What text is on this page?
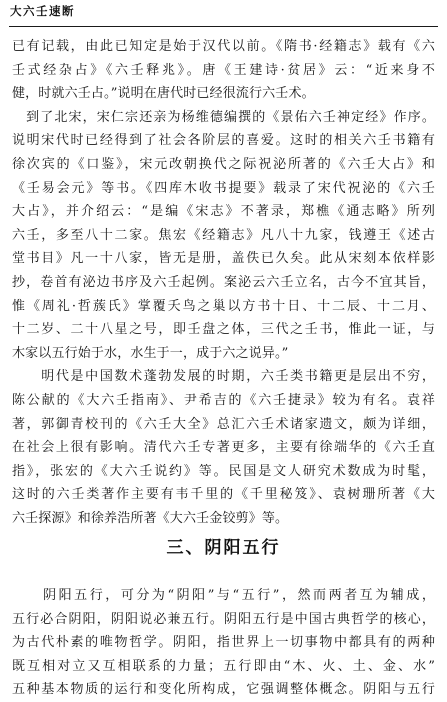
大六壬速断
已有记载，由此已知定是始于汉代以前。《隋书·经籍志》载有《六
壬式经杂占》《六壬释兆》。唐《王建诗·贫居》云：“近来身不
健，时就六壬占。”说明在唐代时已经很流行六壬术。
　到了北宋，宋仁宗还亲为杨维德编撰的《景佑六壬神定经》作序。
说明宋代时已经得到了社会各阶层的喜爱。这时的相关六壬书籍有
徐次宾的《口鉴》，宋元改朝换代之际祝泌所著的《六壬大占》和
《壬易会元》等书。《四库木收书提要》载录了宋代祝泌的《六壬
大占》，并介绍云：“是编《宋志》不著录，郑樵《通志略》所列
六壬，多至八十二家。焦宏《经籍志》凡八十九家，钱遵王《述古
堂书目》凡一十八家，皆无是册，盖佚已久矣。此从宋刻本依样影
抄，卷首有泌边书序及六壬起例。案泌云六壬立名，古今不宜其旨，
惟《周礼·哲蔟氏》掌覆夭鸟之巢以方书十日、十二辰、十二月、
十二岁、二十八星之号，即壬盘之体，三代之壬书，惟此一证，与
木家以五行始于水，水生于一，成于六之说异。”
　　明代是中国数术蓬勃发展的时期，六壬类书籍更是层出不穷，
陈公献的《大六壬指南》、尹希吉的《六壬捷录》较为有名。袁祥
著，郭御青校刊的《六壬大全》总汇六壬术诸家遗文，颇为详细，
在社会上很有影响。清代六壬专著更多，主要有徐端华的《六壬直
指》，张宏的《大六壬说约》等。民国是文人研究术数成为时髦，
这时的六壬类著作主要有韦千里的《千里秘笈》、袁树珊所著《大
六壬探源》和徐养浩所著《大六壬金铰剪》等。
三、阴阳五行
　　阴阳五行，可分为“阴阳”与“五行”，然而两者互为辅成，
五行必合阴阳，阴阳说必兼五行。阴阳五行是中国古典哲学的核心，
为古代朴素的唯物哲学。阴阳，指世界上一切事物中都具有的两种
既互相对立又互相联系的力量；五行即由“木、火、土、金、水”
五种基本物质的运行和变化所构成，它强调整体概念。阴阳与五行
